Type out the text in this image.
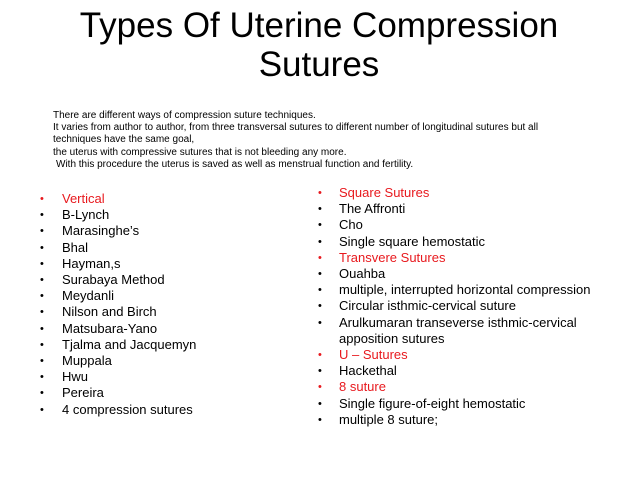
Types Of Uterine Compression
Sutures
There are different ways of compression suture techniques.
It varies from author to author, from three transversal sutures to different number of longitudinal sutures but all
techniques have the same goal,
the uterus with compressive sutures that is not bleeding any more.
With this procedure the uterus is saved as well as menstrual function and fertility.
• Vertical
• B-Lynch
• Marasinghe’s
• Bhal
• Hayman,s
• Surabaya Method
• Meydanli
• Nilson and Birch
• Matsubara-Yano
• Tjalma and Jacquemyn
• Muppala
• Hwu
• Pereira
• 4 compression sutures
• Square Sutures
• The Affronti
• Cho
• Single square hemostatic
• Transvere Sutures
• Ouahba
• multiple, interrupted horizontal compression
• Circular isthmic-cervical suture
• Arulkumaran transeverse isthmic-cervical apposition sutures
• U – Sutures
• Hackethal
• 8 suture
• Single figure-of-eight hemostatic
• multiple 8 suture;
